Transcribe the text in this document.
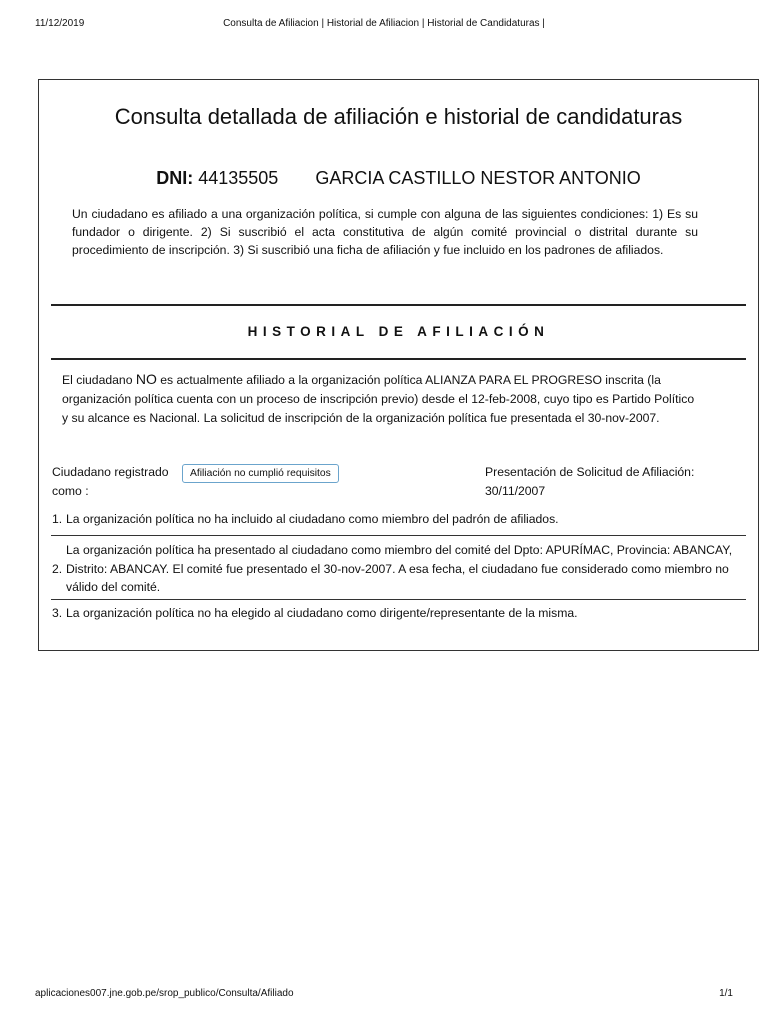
11/12/2019	Consulta de Afiliacion | Historial de Afiliacion | Historial de Candidaturas |
Consulta detallada de afiliación e historial de candidaturas
DNI: 44135505 GARCIA CASTILLO NESTOR ANTONIO
Un ciudadano es afiliado a una organización política, si cumple con alguna de las siguientes condiciones: 1) Es su fundador o dirigente. 2) Si suscribió el acta constitutiva de algún comité provincial o distrital durante su procedimiento de inscripción. 3) Si suscribió una ficha de afiliación y fue incluido en los padrones de afiliados.
HISTORIAL DE AFILIACIÓN
El ciudadano NO es actualmente afiliado a la organización política ALIANZA PARA EL PROGRESO inscrita (la organización política cuenta con un proceso de inscripción previo) desde el 12-feb-2008, cuyo tipo es Partido Político y su alcance es Nacional. La solicitud de inscripción de la organización política fue presentada el 30-nov-2007.
Ciudadano registrado como :
Afiliación no cumplió requisitos	Presentación de Solicitud de Afiliación: 30/11/2007
1. La organización política no ha incluido al ciudadano como miembro del padrón de afiliados.
2.
La organización política ha presentado al ciudadano como miembro del comité del Dpto: APURÍMAC, Provincia: ABANCAY, Distrito: ABANCAY. El comité fue presentado el 30-nov-2007. A esa fecha, el ciudadano fue considerado como miembro no válido del comité.
3. La organización política no ha elegido al ciudadano como dirigente/representante de la misma.
aplicaciones007.jne.gob.pe/srop_publico/Consulta/Afiliado	1/1
